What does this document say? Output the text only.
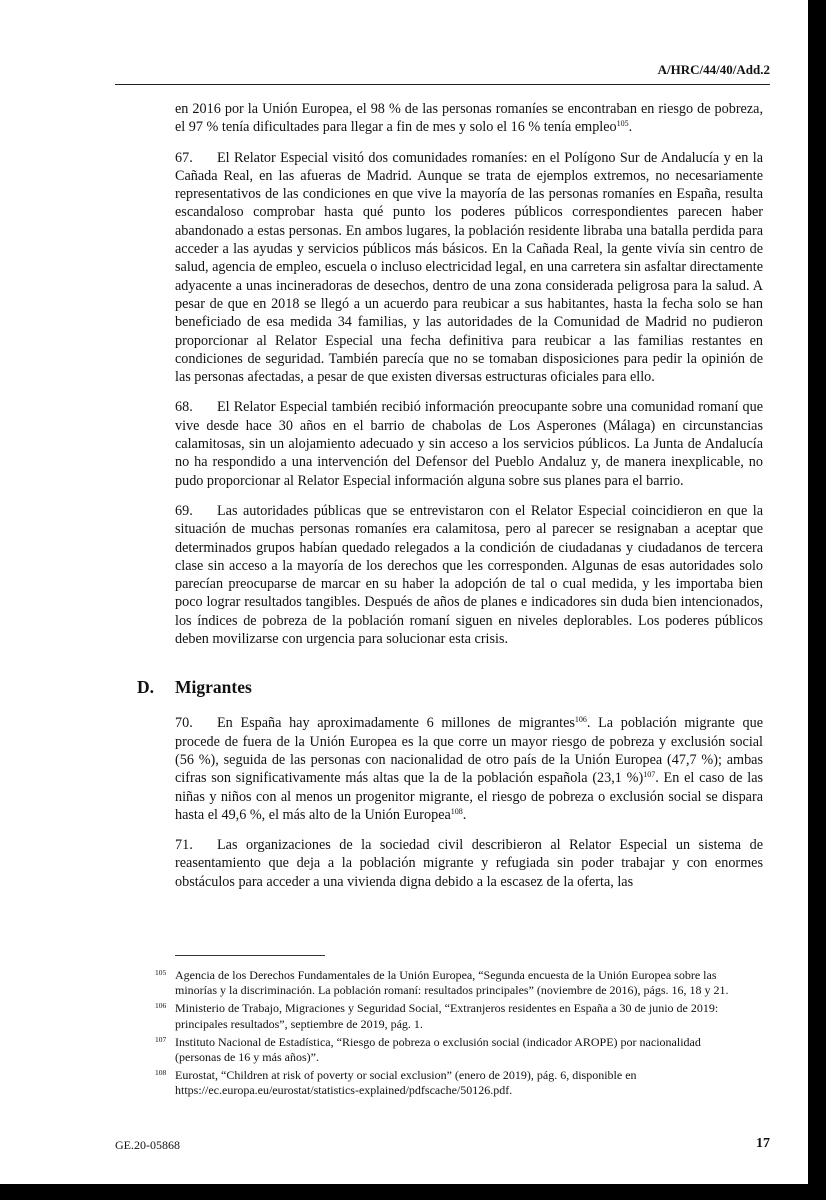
A/HRC/44/40/Add.2

en 2016 por la Unión Europea, el 98 % de las personas romaníes se encontraban en riesgo de pobreza, el 97 % tenía dificultades para llegar a fin de mes y solo el 16 % tenía empleo$^{105}$.

67. El Relator Especial visitó dos comunidades romaníes: en el Polígono Sur de Andalucía y en la Cañada Real, en las afueras de Madrid. Aunque se trata de ejemplos extremos, no necesariamente representativos de las condiciones en que vive la mayoría de las personas romaníes en España, resulta escandaloso comprobar hasta qué punto los poderes públicos correspondientes parecen haber abandonado a estas personas. En ambos lugares, la población residente libraba una batalla perdida para acceder a las ayudas y servicios públicos más básicos. En la Cañada Real, la gente vivía sin centro de salud, agencia de empleo, escuela o incluso electricidad legal, en una carretera sin asfaltar directamente adyacente a unas incineradoras de desechos, dentro de una zona considerada peligrosa para la salud. A pesar de que en 2018 se llegó a un acuerdo para reubicar a sus habitantes, hasta la fecha solo se han beneficiado de esa medida 34 familias, y las autoridades de la Comunidad de Madrid no pudieron proporcionar al Relator Especial una fecha definitiva para reubicar a las familias restantes en condiciones de seguridad. También parecía que no se tomaban disposiciones para pedir la opinión de las personas afectadas, a pesar de que existen diversas estructuras oficiales para ello.

68. El Relator Especial también recibió información preocupante sobre una comunidad romaní que vive desde hace 30 años en el barrio de chabolas de Los Asperones (Málaga) en circunstancias calamitosas, sin un alojamiento adecuado y sin acceso a los servicios públicos. La Junta de Andalucía no ha respondido a una intervención del Defensor del Pueblo Andaluz y, de manera inexplicable, no pudo proporcionar al Relator Especial información alguna sobre sus planes para el barrio.

69. Las autoridades públicas que se entrevistaron con el Relator Especial coincidieron en que la situación de muchas personas romaníes era calamitosa, pero al parecer se resignaban a aceptar que determinados grupos habían quedado relegados a la condición de ciudadanas y ciudadanos de tercera clase sin acceso a la mayoría de los derechos que les corresponden. Algunas de esas autoridades solo parecían preocuparse de marcar en su haber la adopción de tal o cual medida, y les importaba bien poco lograr resultados tangibles. Después de años de planes e indicadores sin duda bien intencionados, los índices de pobreza de la población romaní siguen en niveles deplorables. Los poderes públicos deben movilizarse con urgencia para solucionar esta crisis.

D. Migrantes

70. En España hay aproximadamente 6 millones de migrantes$^{106}$. La población migrante que procede de fuera de la Unión Europea es la que corre un mayor riesgo de pobreza y exclusión social (56 %), seguida de las personas con nacionalidad de otro país de la Unión Europea (47,7 %); ambas cifras son significativamente más altas que la de la población española (23,1 %)$^{107}$. En el caso de las niñas y niños con al menos un progenitor migrante, el riesgo de pobreza o exclusión social se dispara hasta el 49,6 %, el más alto de la Unión Europea$^{108}$.

71. Las organizaciones de la sociedad civil describieron al Relator Especial un sistema de reasentamiento que deja a la población migrante y refugiada sin poder trabajar y con enormes obstáculos para acceder a una vivienda digna debido a la escasez de la oferta, las

105 Agencia de los Derechos Fundamentales de la Unión Europea, “Segunda encuesta de la Unión Europea sobre las minorías y la discriminación. La población romaní: resultados principales” (noviembre de 2016), págs. 16, 18 y 21.
106 Ministerio de Trabajo, Migraciones y Seguridad Social, “Extranjeros residentes en España a 30 de junio de 2019: principales resultados”, septiembre de 2019, pág. 1.
107 Instituto Nacional de Estadística, “Riesgo de pobreza o exclusión social (indicador AROPE) por nacionalidad (personas de 16 y más años)”.
108 Eurostat, “Children at risk of poverty or social exclusion” (enero de 2019), pág. 6, disponible en https://ec.europa.eu/eurostat/statistics-explained/pdfscache/50126.pdf.
GE.20-05868	17
